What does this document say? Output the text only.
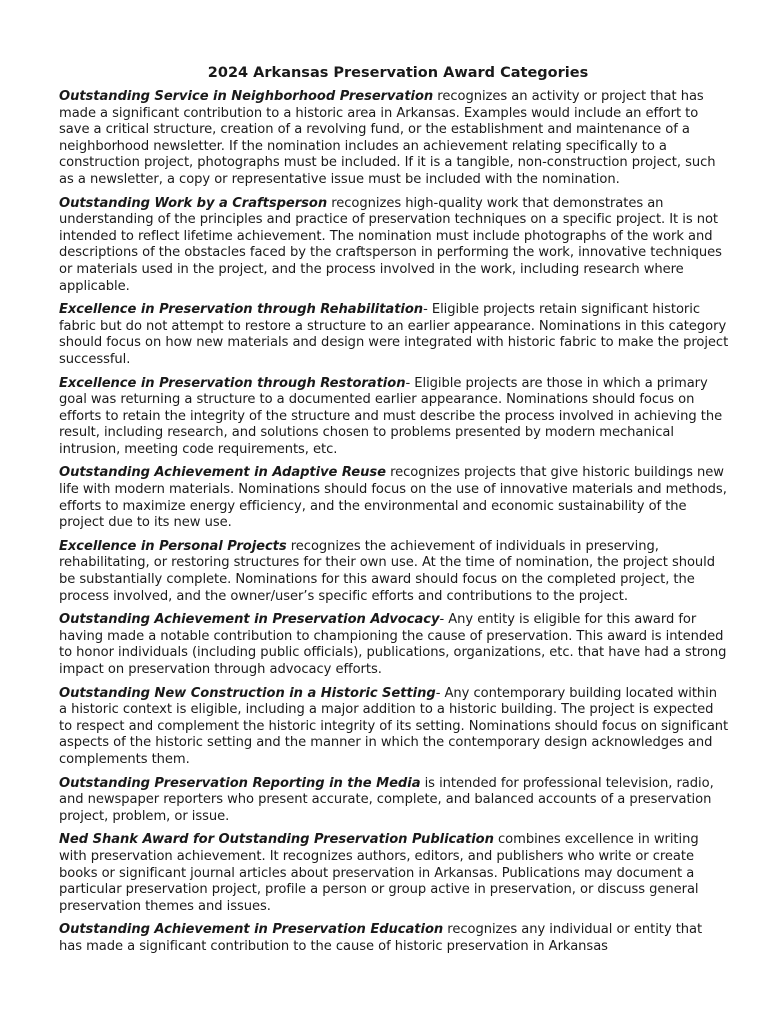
2024 Arkansas Preservation Award Categories

Outstanding Service in Neighborhood Preservation recognizes an activity or project that has made a significant contribution to a historic area in Arkansas. Examples would include an effort to save a critical structure, creation of a revolving fund, or the establishment and maintenance of a neighborhood newsletter. If the nomination includes an achievement relating specifically to a construction project, photographs must be included. If it is a tangible, non-construction project, such as a newsletter, a copy or representative issue must be included with the nomination.

Outstanding Work by a Craftsperson recognizes high-quality work that demonstrates an understanding of the principles and practice of preservation techniques on a specific project. It is not intended to reflect lifetime achievement. The nomination must include photographs of the work and descriptions of the obstacles faced by the craftsperson in performing the work, innovative techniques or materials used in the project, and the process involved in the work, including research where applicable.

Excellence in Preservation through Rehabilitation- Eligible projects retain significant historic fabric but do not attempt to restore a structure to an earlier appearance. Nominations in this category should focus on how new materials and design were integrated with historic fabric to make the project successful.

Excellence in Preservation through Restoration- Eligible projects are those in which a primary goal was returning a structure to a documented earlier appearance. Nominations should focus on efforts to retain the integrity of the structure and must describe the process involved in achieving the result, including research, and solutions chosen to problems presented by modern mechanical intrusion, meeting code requirements, etc.

Outstanding Achievement in Adaptive Reuse recognizes projects that give historic buildings new life with modern materials. Nominations should focus on the use of innovative materials and methods, efforts to maximize energy efficiency, and the environmental and economic sustainability of the project due to its new use.

Excellence in Personal Projects recognizes the achievement of individuals in preserving, rehabilitating, or restoring structures for their own use. At the time of nomination, the project should be substantially complete. Nominations for this award should focus on the completed project, the process involved, and the owner/user’s specific efforts and contributions to the project.

Outstanding Achievement in Preservation Advocacy- Any entity is eligible for this award for having made a notable contribution to championing the cause of preservation. This award is intended to honor individuals (including public officials), publications, organizations, etc. that have had a strong impact on preservation through advocacy efforts.

Outstanding New Construction in a Historic Setting- Any contemporary building located within a historic context is eligible, including a major addition to a historic building. The project is expected to respect and complement the historic integrity of its setting. Nominations should focus on significant aspects of the historic setting and the manner in which the contemporary design acknowledges and complements them.

Outstanding Preservation Reporting in the Media is intended for professional television, radio, and newspaper reporters who present accurate, complete, and balanced accounts of a preservation project, problem, or issue.

Ned Shank Award for Outstanding Preservation Publication combines excellence in writing with preservation achievement. It recognizes authors, editors, and publishers who write or create books or significant journal articles about preservation in Arkansas. Publications may document a particular preservation project, profile a person or group active in preservation, or discuss general preservation themes and issues.

Outstanding Achievement in Preservation Education recognizes any individual or entity that has made a significant contribution to the cause of historic preservation in Arkansas
